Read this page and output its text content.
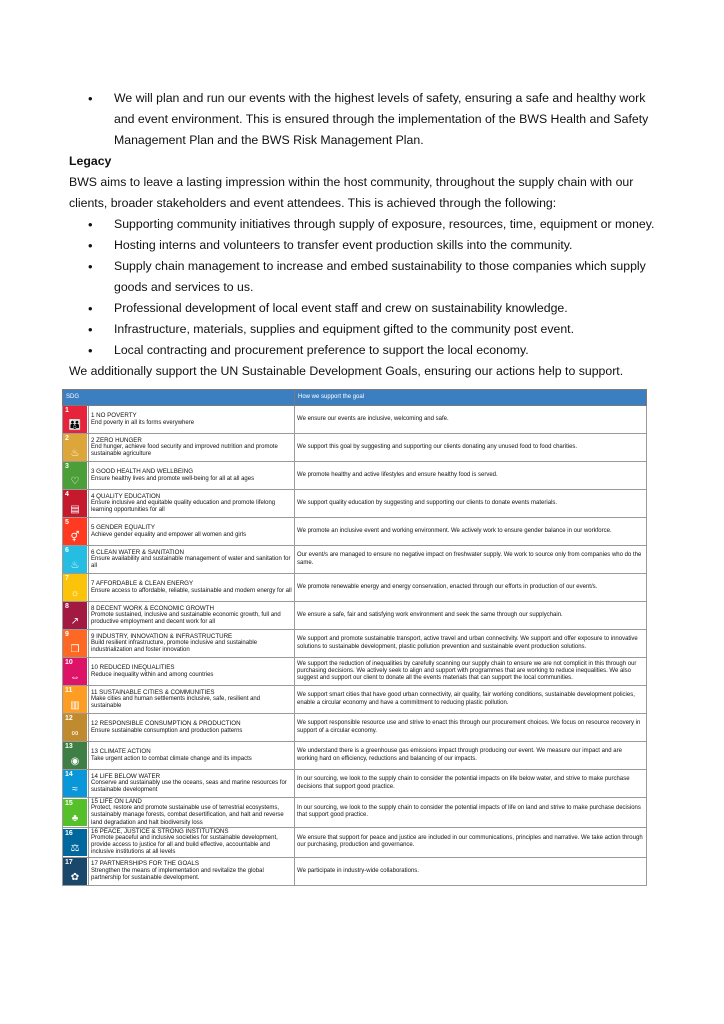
• We will plan and run our events with the highest levels of safety, ensuring a safe and healthy work and event environment. This is ensured through the implementation of the BWS Health and Safety Management Plan and the BWS Risk Management Plan.

Legacy

BWS aims to leave a lasting impression within the host community, throughout the supply chain with our clients, broader stakeholders and event attendees. This is achieved through the following:

• Supporting community initiatives through supply of exposure, resources, time, equipment or money.
• Hosting interns and volunteers to transfer event production skills into the community.
• Supply chain management to increase and embed sustainability to those companies which supply goods and services to us.
• Professional development of local event staff and crew on sustainability knowledge.
• Infrastructure, materials, supplies and equipment gifted to the community post event.
• Local contracting and procurement preference to support the local economy.

We additionally support the UN Sustainable Development Goals, ensuring our actions help to support.

SDG		How we support the goal

1
👪	1 NO POVERTY
End poverty in all its forms everywhere	We ensure our events are inclusive, welcoming and safe.

2
♨	2 ZERO HUNGER
End hunger, achieve food security and improved nutrition and promote sustainable agriculture	We support this goal by suggesting and supporting our clients donating any unused food to food charities.

3
♡	3 GOOD HEALTH AND WELLBEING
Ensure healthy lives and promote well-being for all at all ages	We promote healthy and active lifestyles and ensure healthy food is served.

4
▤	4 QUALITY EDUCATION
Ensure inclusive and equitable quality education and promote lifelong learning opportunities for all	We support quality education by suggesting and supporting our clients to donate events materials.

5
⚥	5 GENDER EQUALITY
Achieve gender equality and empower all women and girls	We promote an inclusive event and working environment. We actively work to ensure gender balance in our workforce.

6
♨	6 CLEAN WATER & SANITATION
Ensure availability and sustainable management of water and sanitation for all	Our event/s are managed to ensure no negative impact on freshwater supply. We work to source only from companies who do the same.

7
☼	7 AFFORDABLE & CLEAN ENERGY
Ensure access to affordable, reliable, sustainable and modern energy for all	We promote renewable energy and energy conservation, enacted through our efforts in production of our event/s.

8
↗	8 DECENT WORK & ECONOMIC GROWTH
Promote sustained, inclusive and sustainable economic growth, full and productive employment and decent work for all	We ensure a safe, fair and satisfying work environment and seek the same through our supplychain.

9
❒	9 INDUSTRY, INNOVATION & INFRASTRUCTURE
Build resilient infrastructure, promote inclusive and sustainable industrialization and foster innovation	We support and promote sustainable transport, active travel and urban connectivity. We support and offer exposure to innovative solutions to sustainable development, plastic pollution prevention and sustainable event production solutions.

10
⇔	10 REDUCED INEQUALITIES
Reduce inequality within and among countries	We support the reduction of inequalities by carefully scanning our supply chain to ensure we are not complicit in this through our purchasing decisions. We actively seek to align and support with programmes that are working to reduce inequalities. We also suggest and support our client to donate all the events materials that can support the local communities.

11
▥	11 SUSTAINABLE CITIES & COMMUNITIES
Make cities and human settlements inclusive, safe, resilient and sustainable	We support smart cities that have good urban connectivity, air quality, fair working conditions, sustainable development policies, enable a circular economy and have a commitment to reducing plastic pollution.

12
∞	12 RESPONSIBLE CONSUMPTION & PRODUCTION
Ensure sustainable consumption and production patterns	We support responsible resource use and strive to enact this through our procurement choices. We focus on resource recovery in support of a circular economy.

13
◉	13 CLIMATE ACTION
Take urgent action to combat climate change and its impacts	We understand there is a greenhouse gas emissions impact through producing our event. We measure our impact and are working hard on efficiency, reductions and balancing of our impacts.

14
≈	14 LIFE BELOW WATER
Conserve and sustainably use the oceans, seas and marine resources for sustainable development	In our sourcing, we look to the supply chain to consider the potential impacts on life below water, and strive to make purchase decisions that support good practice.

15
♣	15 LIFE ON LAND
Protect, restore and promote sustainable use of terrestrial ecosystems, sustainably manage forests, combat desertification, and halt and reverse land degradation and halt biodiversity loss	In our sourcing, we look to the supply chain to consider the potential impacts of life on land and strive to make purchase decisions that support good practice.

16
⚖	16 PEACE, JUSTICE & STRONG INSTITUTIONS
Promote peaceful and inclusive societies for sustainable development, provide access to justice for all and build effective, accountable and inclusive institutions at all levels	We ensure that support for peace and justice are included in our communications, principles and narrative. We take action through our purchasing, production and governance.

17
✿	17 PARTNERSHIPS FOR THE GOALS
Strengthen the means of implementation and revitalize the global partnership for sustainable development.	We participate in industry-wide collaborations.
